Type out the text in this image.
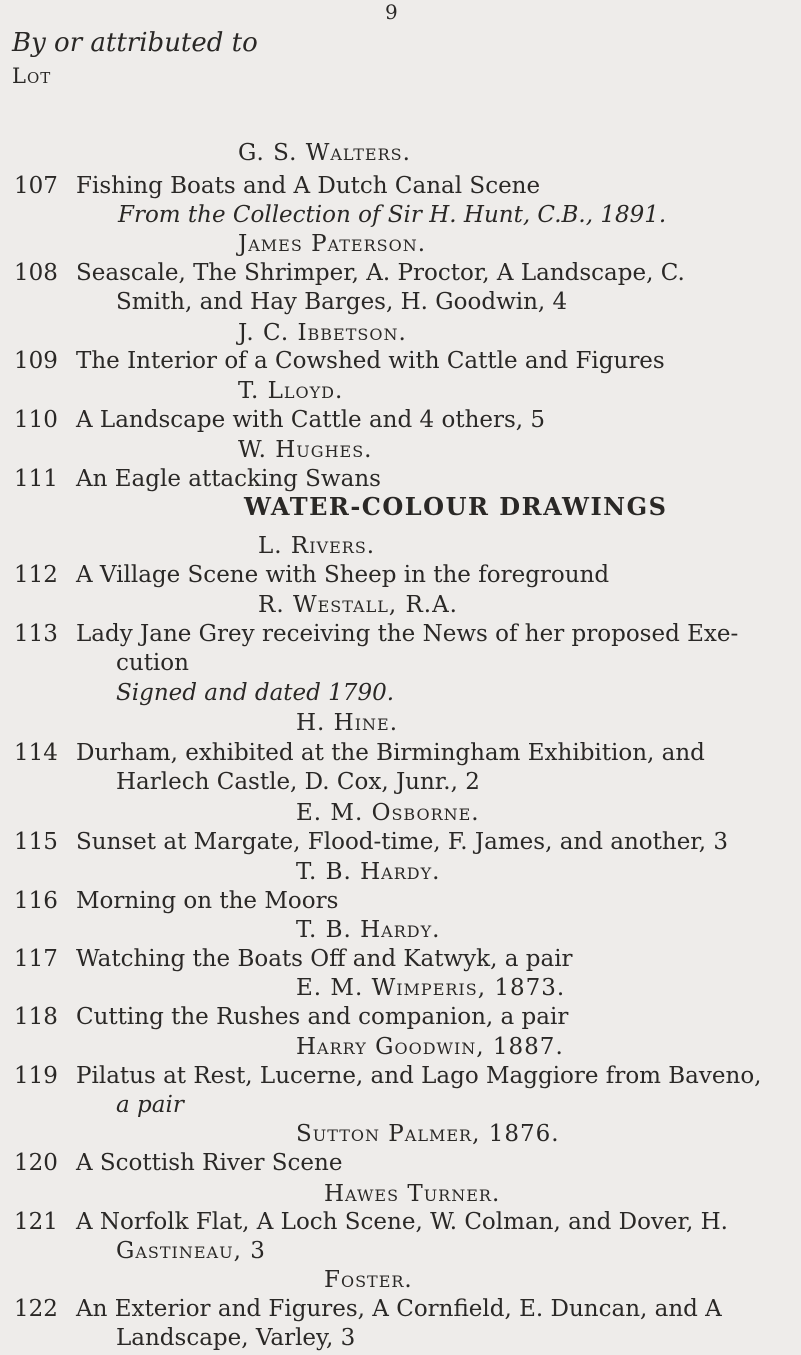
9
By or attributed to
Lot
G. S. Walters.
107 Fishing Boats and A Dutch Canal Scene
From the Collection of Sir H. Hunt, C.B., 1891.
James Paterson.
108 Seascale, The Shrimper, A. Proctor, A Landscape, C.
Smith, and Hay Barges, H. Goodwin, 4
J. C. Ibbetson.
109 The Interior of a Cowshed with Cattle and Figures
T. Lloyd.
110 A Landscape with Cattle and 4 others, 5
W. Hughes.
111 An Eagle attacking Swans
WATER-COLOUR DRAWINGS
L. Rivers.
112 A Village Scene with Sheep in the foreground
R. Westall, R.A.
113 Lady Jane Grey receiving the News of her proposed Exe-
cution
Signed and dated 1790.
H. Hine.
114 Durham, exhibited at the Birmingham Exhibition, and
Harlech Castle, D. Cox, Junr., 2
E. M. Osborne.
115 Sunset at Margate, Flood-time, F. James, and another, 3
T. B. Hardy.
116 Morning on the Moors
T. B. Hardy.
117 Watching the Boats Off and Katwyk, a pair
E. M. Wimperis, 1873.
118 Cutting the Rushes and companion, a pair
Harry Goodwin, 1887.
119 Pilatus at Rest, Lucerne, and Lago Maggiore from Baveno,
a pair
Sutton Palmer, 1876.
120 A Scottish River Scene
Hawes Turner.
121 A Norfolk Flat, A Loch Scene, W. Colman, and Dover, H.
Gastineau, 3
Foster.
122 An Exterior and Figures, A Cornfield, E. Duncan, and A
Landscape, Varley, 3
